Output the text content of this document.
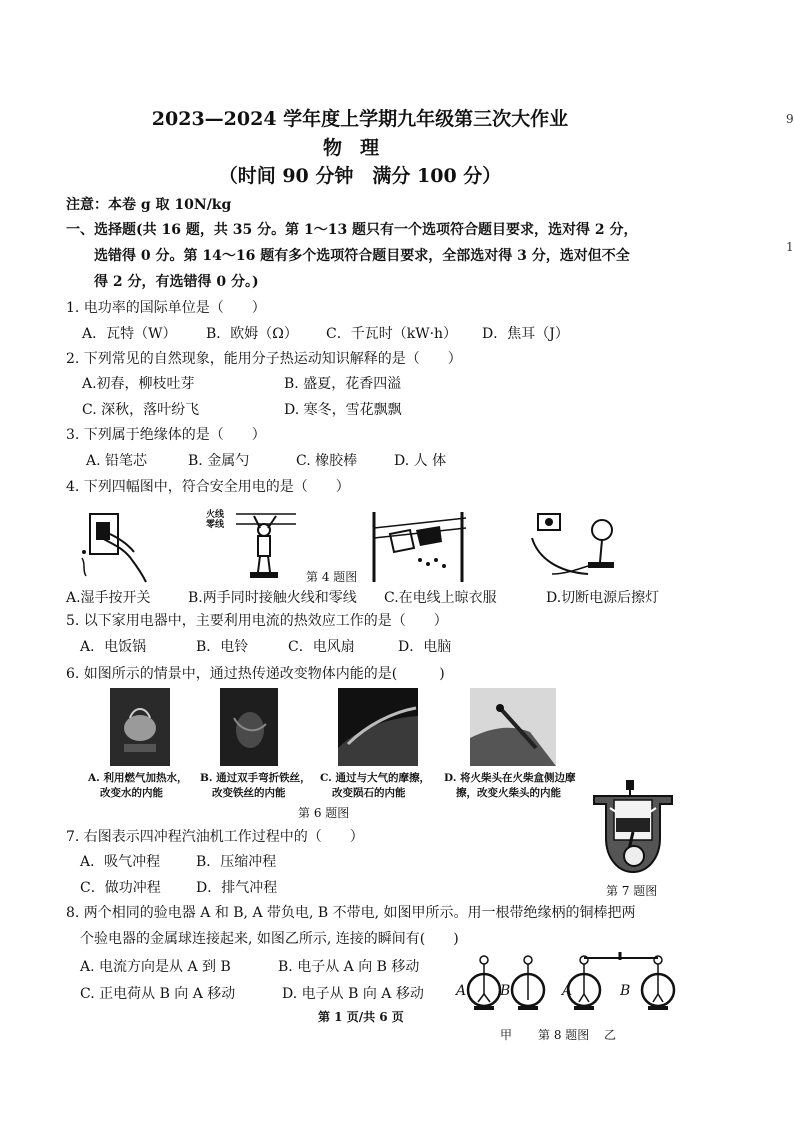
2023—2024 学年度上学期九年级第三次大作业
物理
（时间 90 分钟　满分 100 分）
9
1
注意：本卷 g 取 10N/kg
一、选择题(共 16 题，共 35 分。第 1～13 题只有一个选项符合题目要求，选对得 2 分，
选错得 0 分。第 14～16 题有多个选项符合题目要求，全部选对得 3 分，选对但不全
得 2 分，有选错得 0 分。)
1. 电功率的国际单位是（　　）
A．瓦特（W） B．欧姆（Ω） C．千瓦时（kW·h） D．焦耳（J）
2. 下列常见的自然现象，能用分子热运动知识解释的是（　　）
A.初春，柳枝吐芽	B. 盛夏，花香四溢
C. 深秋，落叶纷飞	D. 寒冬，雪花飘飘
3. 下列属于绝缘体的是（　　）
A. 铅笔芯	B. 金属勺	C. 橡胶棒	D. 人 体
4. 下列四幅图中，符合安全用电的是（　　）
火线
零线
第 4 题图
A.湿手按开关	B.两手同时接触火线和零线 C.在电线上晾衣服	D.切断电源后擦灯
5. 以下家用电器中，主要利用电流的热效应工作的是（　　）
A．电饭锅	B．电铃	C．电风扇	D．电脑
6. 如图所示的情景中，通过热传递改变物体内能的是(　　　)
A. 利用燃气加热水，
改变水的内能
B. 通过双手弯折铁丝，
改变铁丝的内能
C. 通过与大气的摩擦，
改变陨石的内能
D. 将火柴头在火柴盒侧边摩
擦，改变火柴头的内能
第 6 题图
7. 右图表示四冲程汽油机工作过程中的（　　）
A．吸气冲程	B．压缩冲程
C．做功冲程	D．排气冲程	第 7 题图
8. 两个相同的验电器 A 和 B, A 带负电, B 不带电, 如图甲所示。用一根带绝缘柄的铜棒把两
个验电器的金属球连接起来, 如图乙所示, 连接的瞬间有(　　)
A. 电流方向是从 A 到 B	B. 电子从 A 向 B 移动
C. 正电荷从 B 向 A 移动	D. 电子从 B 向 A 移动 A B	A	B
甲 第 8 题图 乙
第 1 页/共 6 页
